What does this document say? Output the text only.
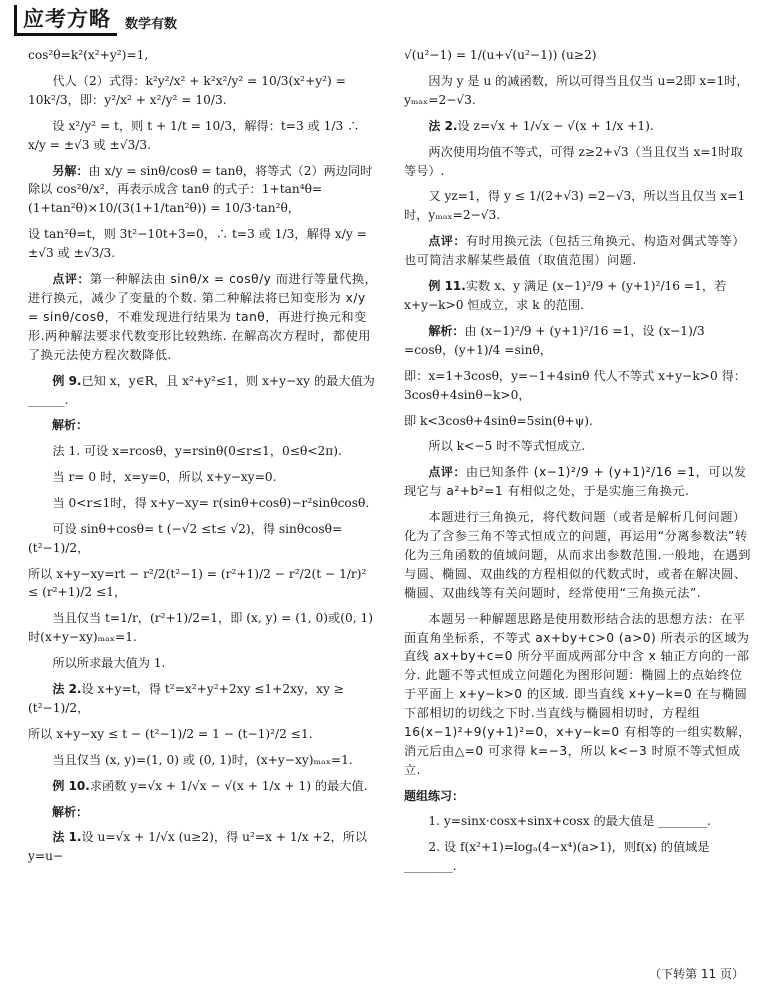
应考方略	数学有数

cos²θ=k²(x²+y²)=1,

代人（2）式得：k²y²/x² + k²x²/y² = 10/3(x²+y²) = 10k²/3，即：y²/x² + x²/y² = 10/3.

设 x²/y² = t，则 t + 1/t = 10/3，解得：t=3 或 1/3 ∴ x/y = ±√3 或 ±√3/3.

另解：由 x/y = sinθ/cosθ = tanθ，将等式（2）两边同时除以 cos²θ/x²，再表示成含 tanθ 的式子：1+tan⁴θ=(1+tan²θ)×10/(3(1+1/tan²θ)) = 10/3·tan²θ，

设 tan²θ=t，则 3t²−10t+3=0，∴ t=3 或 1/3，解得 x/y = ±√3 或 ±√3/3.

点评：第一种解法由 sinθ/x = cosθ/y 而进行等量代换，进行换元，减少了变量的个数. 第二种解法将已知变形为 x/y = sinθ/cosθ，不难发现进行结果为 tanθ，再进行换元和变形.两种解法要求代数变形比较熟练. 在解高次方程时，都使用了换元法使方程次数降低.

例 9.已知 x，y∈R，且 x²+y²≤1，则 x+y−xy 的最大值为______.

解析：

法 1. 可设 x=rcosθ，y=rsinθ(0≤r≤1，0≤θ<2π).

当 r= 0 时，x=y=0，所以 x+y−xy=0.

当 0<r≤1时，得 x+y−xy= r(sinθ+cosθ)−r²sinθcosθ.

可设 sinθ+cosθ= t (−√2 ≤t≤ √2)，得 sinθcosθ= (t²−1)/2，

所以 x+y−xy=rt − r²/2(t²−1) = (r²+1)/2 − r²/2(t − 1/r)² ≤ (r²+1)/2 ≤1，

当且仅当 t=1/r，(r²+1)/2=1，即 (x, y) = (1, 0)或(0, 1)时(x+y−xy)ₘₐₓ=1.

所以所求最大值为 1.

法 2.设 x+y=t，得 t²=x²+y²+2xy ≤1+2xy，xy ≥ (t²−1)/2，

所以 x+y−xy ≤ t − (t²−1)/2 = 1 − (t−1)²/2 ≤1.

当且仅当 (x, y)=(1, 0) 或 (0, 1)时，(x+y−xy)ₘₐₓ=1.

例 10.求函数 y=√x + 1/√x − √(x + 1/x + 1) 的最大值.

解析：

法 1.设 u=√x + 1/√x (u≥2)，得 u²=x + 1/x +2，所以 y=u−

√(u²−1) = 1/(u+√(u²−1)) (u≥2)

因为 y 是 u 的减函数，所以可得当且仅当 u=2即 x=1时，yₘₐₓ=2−√3.

法 2.设 z=√x + 1/√x − √(x + 1/x +1).

两次使用均值不等式，可得 z≥2+√3（当且仅当 x=1时取等号）.

又 yz=1，得 y ≤ 1/(2+√3) =2−√3，所以当且仅当 x=1时，yₘₐₓ=2−√3.

点评：有时用换元法（包括三角换元、构造对偶式等等）也可简洁求解某些最值（取值范围）问题.

例 11.实数 x、y 满足 (x−1)²/9 + (y+1)²/16 =1，若 x+y−k>0 恒成立，求 k 的范围.

解析：由 (x−1)²/9 + (y+1)²/16 =1，设 (x−1)/3 =cosθ，(y+1)/4 =sinθ，

即：x=1+3cosθ，y=−1+4sinθ 代人不等式 x+y−k>0 得：3cosθ+4sinθ−k>0，

即 k<3cosθ+4sinθ=5sin(θ+ψ).

所以 k<−5 时不等式恒成立.

点评：由已知条件 (x−1)²/9 + (y+1)²/16 =1，可以发现它与 a²+b²=1 有相似之处，于是实施三角换元.

本题进行三角换元，将代数问题（或者是解析几何问题）化为了含参三角不等式恒成立的问题，再运用“分离参数法”转化为三角函数的值域问题，从而求出参数范围.一般地，在遇到与圆、椭圆、双曲线的方程相似的代数式时，或者在解决圆、椭圆、双曲线等有关问题时，经常使用“三角换元法”.

本题另一种解题思路是使用数形结合法的思想方法：在平面直角坐标系，不等式 ax+by+c>0 (a>0) 所表示的区域为直线 ax+by+c=0 所分平面成两部分中含 x 轴正方向的一部分. 此题不等式恒成立问题化为图形问题：椭圆上的点始终位于平面上 x+y−k>0 的区域. 即当直线 x+y−k=0 在与椭圆下部相切的切线之下时.当直线与椭圆相切时，方程组 16(x−1)²+9(y+1)²=0，x+y−k=0 有相等的一组实数解，消元后由△=0 可求得 k=−3，所以 k<−3 时原不等式恒成立.

题组练习：

1. y=sinx·cosx+sinx+cosx 的最大值是 ________.

2. 设 f(x²+1)=logₐ(4−x⁴)(a>1)，则f(x) 的值域是 ________.

（下转第 11 页）
